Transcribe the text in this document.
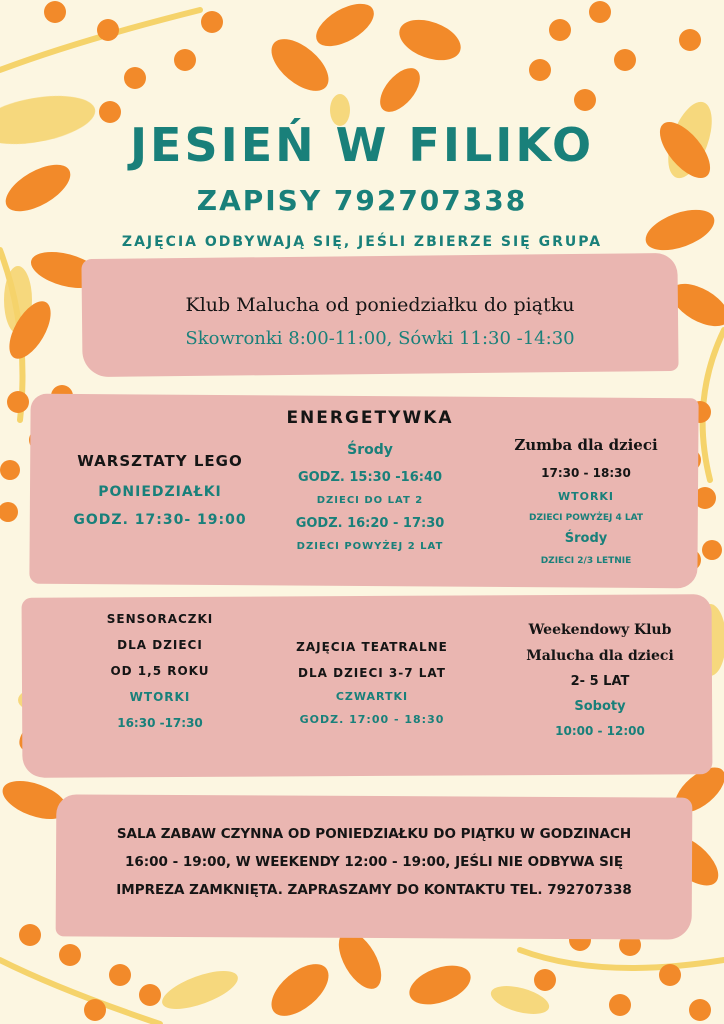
JESIEŃ W FILIKO
ZAPISY 792707338
ZAJĘCIA ODBYWAJĄ SIĘ, JEŚLI ZBIERZE SIĘ GRUPA
Klub Malucha od poniedziałku do piątku
Skowronki 8:00-11:00, Sówki 11:30 -14:30
WARSZTATY LEGO
PONIEDZIAŁKI
GODZ. 17:30- 19:00
ENERGETYWKA
Środy
GODZ. 15:30 -16:40
DZIECI DO LAT 2
GODZ. 16:20 - 17:30
DZIECI POWYŻEJ 2 LAT
Zumba dla dzieci
17:30 - 18:30
WTORKI
DZIECI POWYŻEJ 4 LAT
Środy
DZIECI 2/3 LETNIE
SENSORACZKI
DLA DZIECI
OD 1,5 ROKU
WTORKI
16:30 -17:30
ZAJĘCIA TEATRALNE
DLA DZIECI 3-7 LAT
CZWARTKI
GODZ. 17:00 - 18:30
Weekendowy Klub
Malucha dla dzieci
2- 5 LAT
Soboty
10:00 - 12:00
SALA ZABAW CZYNNA OD PONIEDZIAŁKU DO PIĄTKU W GODZINACH
16:00 - 19:00, W WEEKENDY 12:00 - 19:00, JEŚLI NIE ODBYWA SIĘ
IMPREZA ZAMKNIĘTA. ZAPRASZAMY DO KONTAKTU TEL. 792707338
